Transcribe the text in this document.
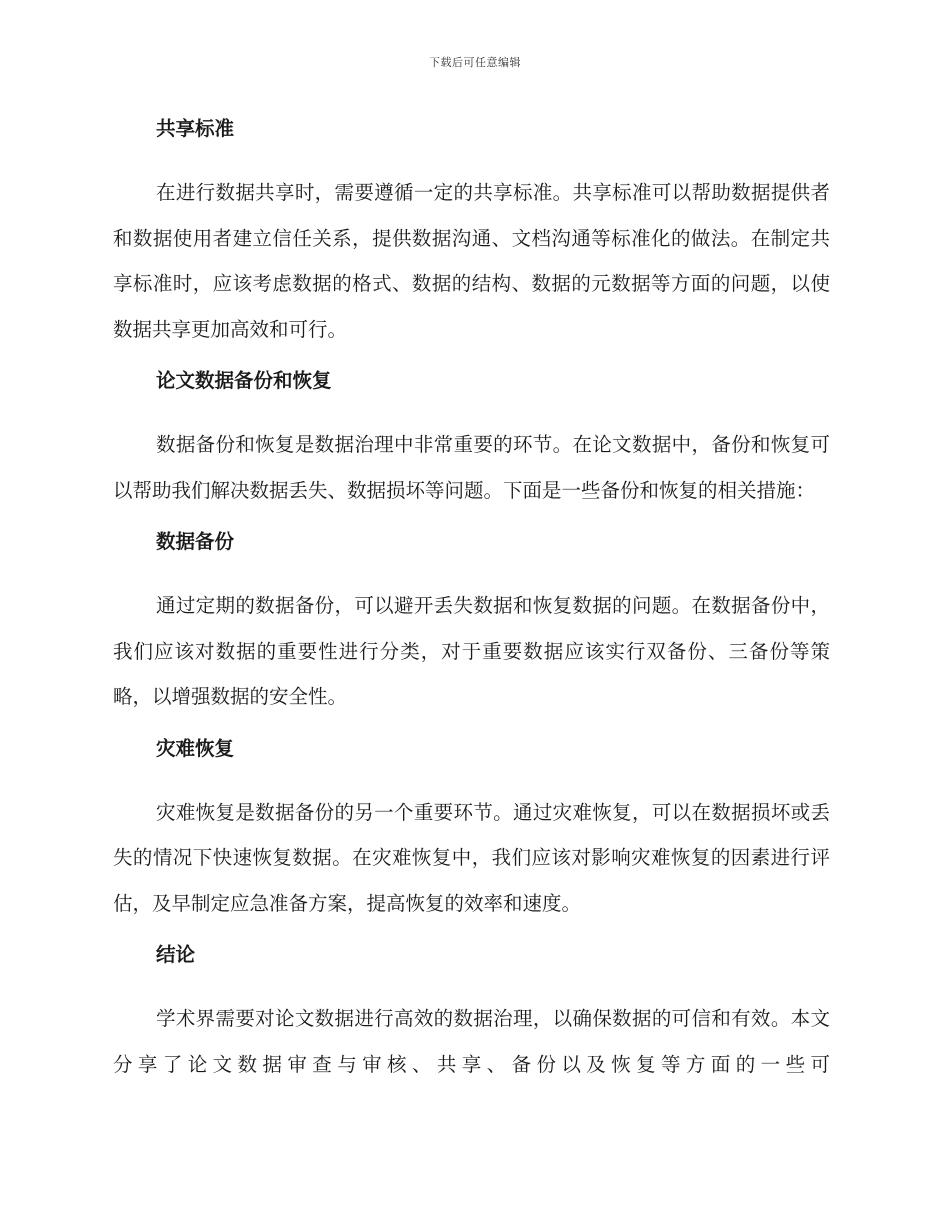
下载后可任意编辑
共享标准

在进行数据共享时，需要遵循一定的共享标准。共享标准可以帮助数据提供者和数据使用者建立信任关系，提供数据沟通、文档沟通等标准化的做法。在制定共享标准时，应该考虑数据的格式、数据的结构、数据的元数据等方面的问题，以使数据共享更加高效和可行。

论文数据备份和恢复

数据备份和恢复是数据治理中非常重要的环节。在论文数据中，备份和恢复可以帮助我们解决数据丢失、数据损坏等问题。下面是一些备份和恢复的相关措施：

数据备份

通过定期的数据备份，可以避开丢失数据和恢复数据的问题。在数据备份中，我们应该对数据的重要性进行分类，对于重要数据应该实行双备份、三备份等策略，以增强数据的安全性。

灾难恢复

灾难恢复是数据备份的另一个重要环节。通过灾难恢复，可以在数据损坏或丢失的情况下快速恢复数据。在灾难恢复中，我们应该对影响灾难恢复的因素进行评估，及早制定应急准备方案，提高恢复的效率和速度。

结论

学术界需要对论文数据进行高效的数据治理，以确保数据的可信和有效。本文分享了论文数据审查与审核、共享、备份以及恢复等方面的一些可
